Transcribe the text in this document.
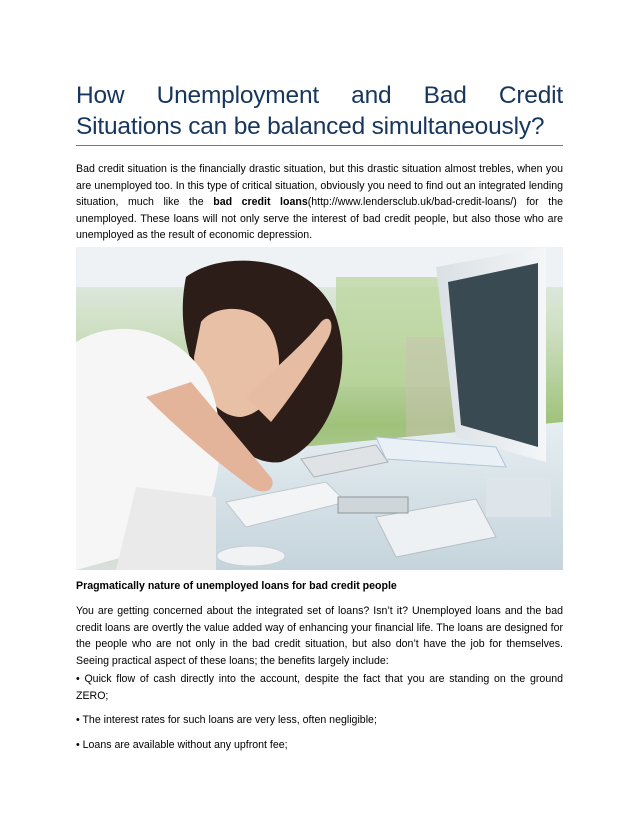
How Unemployment and Bad Credit
Situations can be balanced simultaneously?

Bad credit situation is the financially drastic situation, but this drastic situation almost trebles, when you are unemployed too. In this type of critical situation, obviously you need to find out an integrated lending situation, much like the bad credit loans(http://www.lendersclub.uk/bad-credit-loans/) for the unemployed. These loans will not only serve the interest of bad credit people, but also those who are unemployed as the result of economic depression.

Pragmatically nature of unemployed loans for bad credit people

You are getting concerned about the integrated set of loans? Isn’t it? Unemployed loans and the bad credit loans are overtly the value added way of enhancing your financial life. The loans are designed for the people who are not only in the bad credit situation, but also don’t have the job for themselves. Seeing practical aspect of these loans; the benefits largely include:

• Quick flow of cash directly into the account, despite the fact that you are standing on the ground ZERO;

• The interest rates for such loans are very less, often negligible;

• Loans are available without any upfront fee;
